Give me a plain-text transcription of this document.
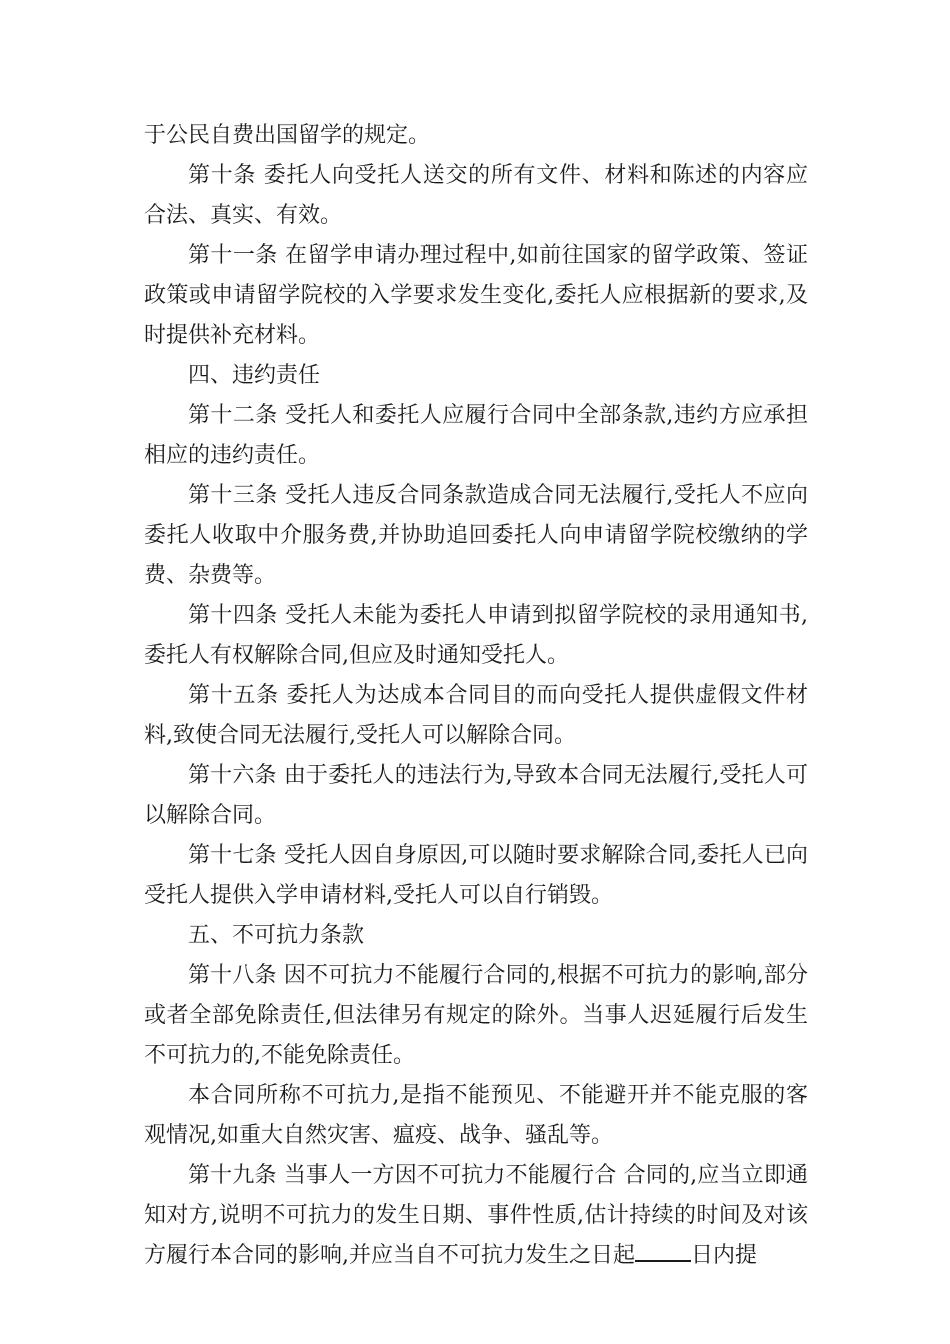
于公民自费出国留学的规定。

第十条 委托人向受托人送交的所有文件、材料和陈述的内容应合法、真实、有效。

第十一条 在留学申请办理过程中,如前往国家的留学政策、签证政策或申请留学院校的入学要求发生变化,委托人应根据新的要求,及时提供补充材料。

四、违约责任

第十二条 受托人和委托人应履行合同中全部条款,违约方应承担相应的违约责任。

第十三条 受托人违反合同条款造成合同无法履行,受托人不应向委托人收取中介服务费,并协助追回委托人向申请留学院校缴纳的学费、杂费等。

第十四条 受托人未能为委托人申请到拟留学院校的录用通知书,委托人有权解除合同,但应及时通知受托人。

第十五条 委托人为达成本合同目的而向受托人提供虚假文件材料,致使合同无法履行,受托人可以解除合同。

第十六条 由于委托人的违法行为,导致本合同无法履行,受托人可以解除合同。

第十七条 受托人因自身原因,可以随时要求解除合同,委托人已向受托人提供入学申请材料,受托人可以自行销毁。

五、不可抗力条款

第十八条 因不可抗力不能履行合同的,根据不可抗力的影响,部分或者全部免除责任,但法律另有规定的除外。当事人迟延履行后发生不可抗力的,不能免除责任。

本合同所称不可抗力,是指不能预见、不能避开并不能克服的客观情况,如重大自然灾害、瘟疫、战争、骚乱等。

第十九条 当事人一方因不可抗力不能履行合 合同的,应当立即通知对方,说明不可抗力的发生日期、事件性质,估计持续的时间及对该方履行本合同的影响,并应当自不可抗力发生之日起	日内提
